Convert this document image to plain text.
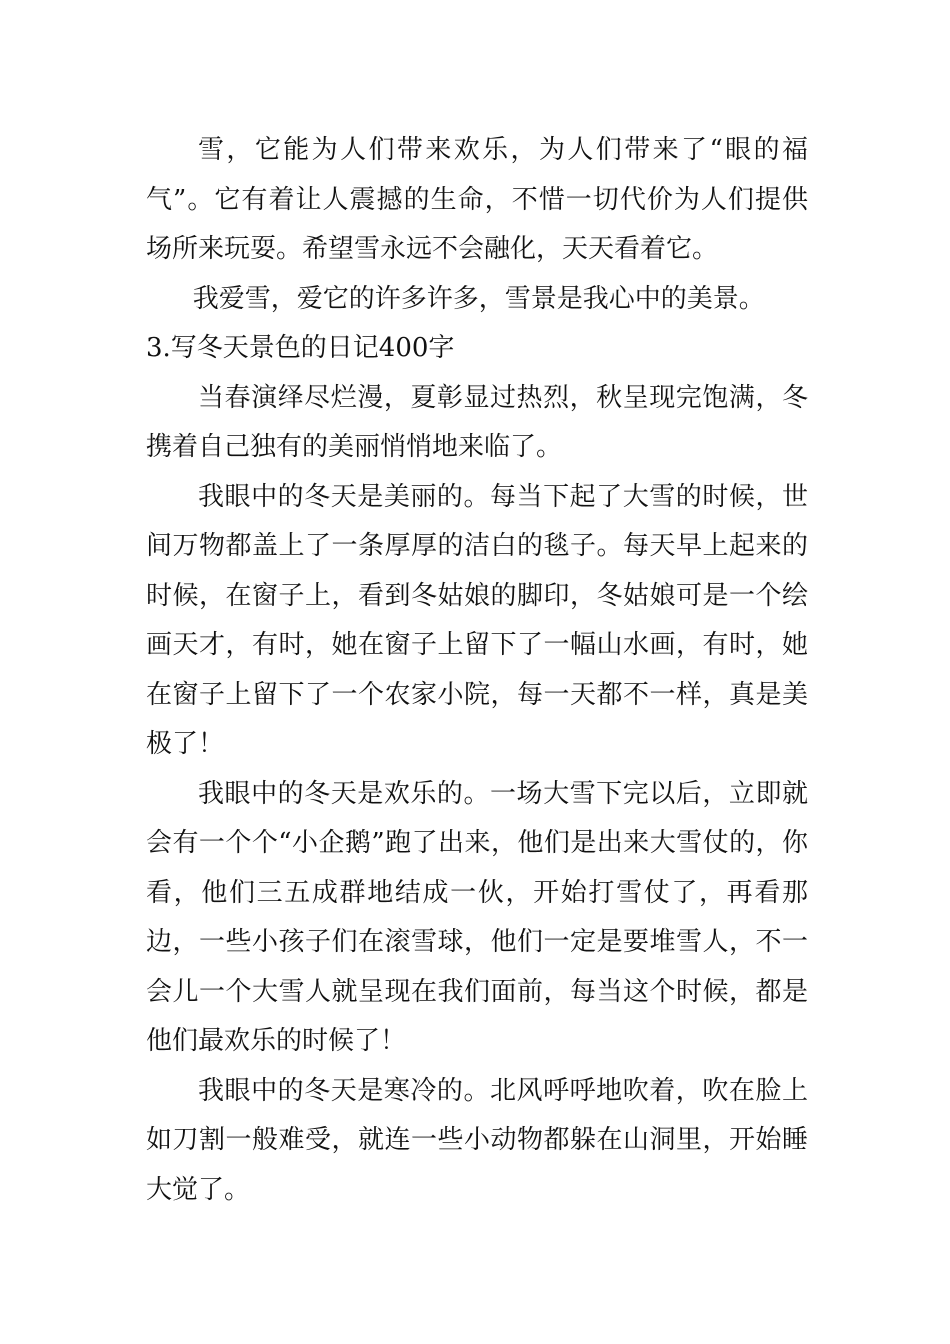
雪，它能为人们带来欢乐，为人们带来了“眼的福气”。它有着让人震撼的生命，不惜一切代价为人们提供场所来玩耍。希望雪永远不会融化，天天看着它。

我爱雪，爱它的许多许多，雪景是我心中的美景。

3.写冬天景色的日记400字

当春演绎尽烂漫，夏彰显过热烈，秋呈现完饱满，冬携着自己独有的美丽悄悄地来临了。

我眼中的冬天是美丽的。每当下起了大雪的时候，世间万物都盖上了一条厚厚的洁白的毯子。每天早上起来的时候，在窗子上，看到冬姑娘的脚印，冬姑娘可是一个绘画天才，有时，她在窗子上留下了一幅山水画，有时，她在窗子上留下了一个农家小院，每一天都不一样，真是美极了！

我眼中的冬天是欢乐的。一场大雪下完以后，立即就会有一个个“小企鹅”跑了出来，他们是出来大雪仗的，你看，他们三五成群地结成一伙，开始打雪仗了，再看那边，一些小孩子们在滚雪球，他们一定是要堆雪人，不一会儿一个大雪人就呈现在我们面前，每当这个时候，都是他们最欢乐的时候了！

我眼中的冬天是寒冷的。北风呼呼地吹着，吹在脸上如刀割一般难受，就连一些小动物都躲在山洞里，开始睡大觉了。
